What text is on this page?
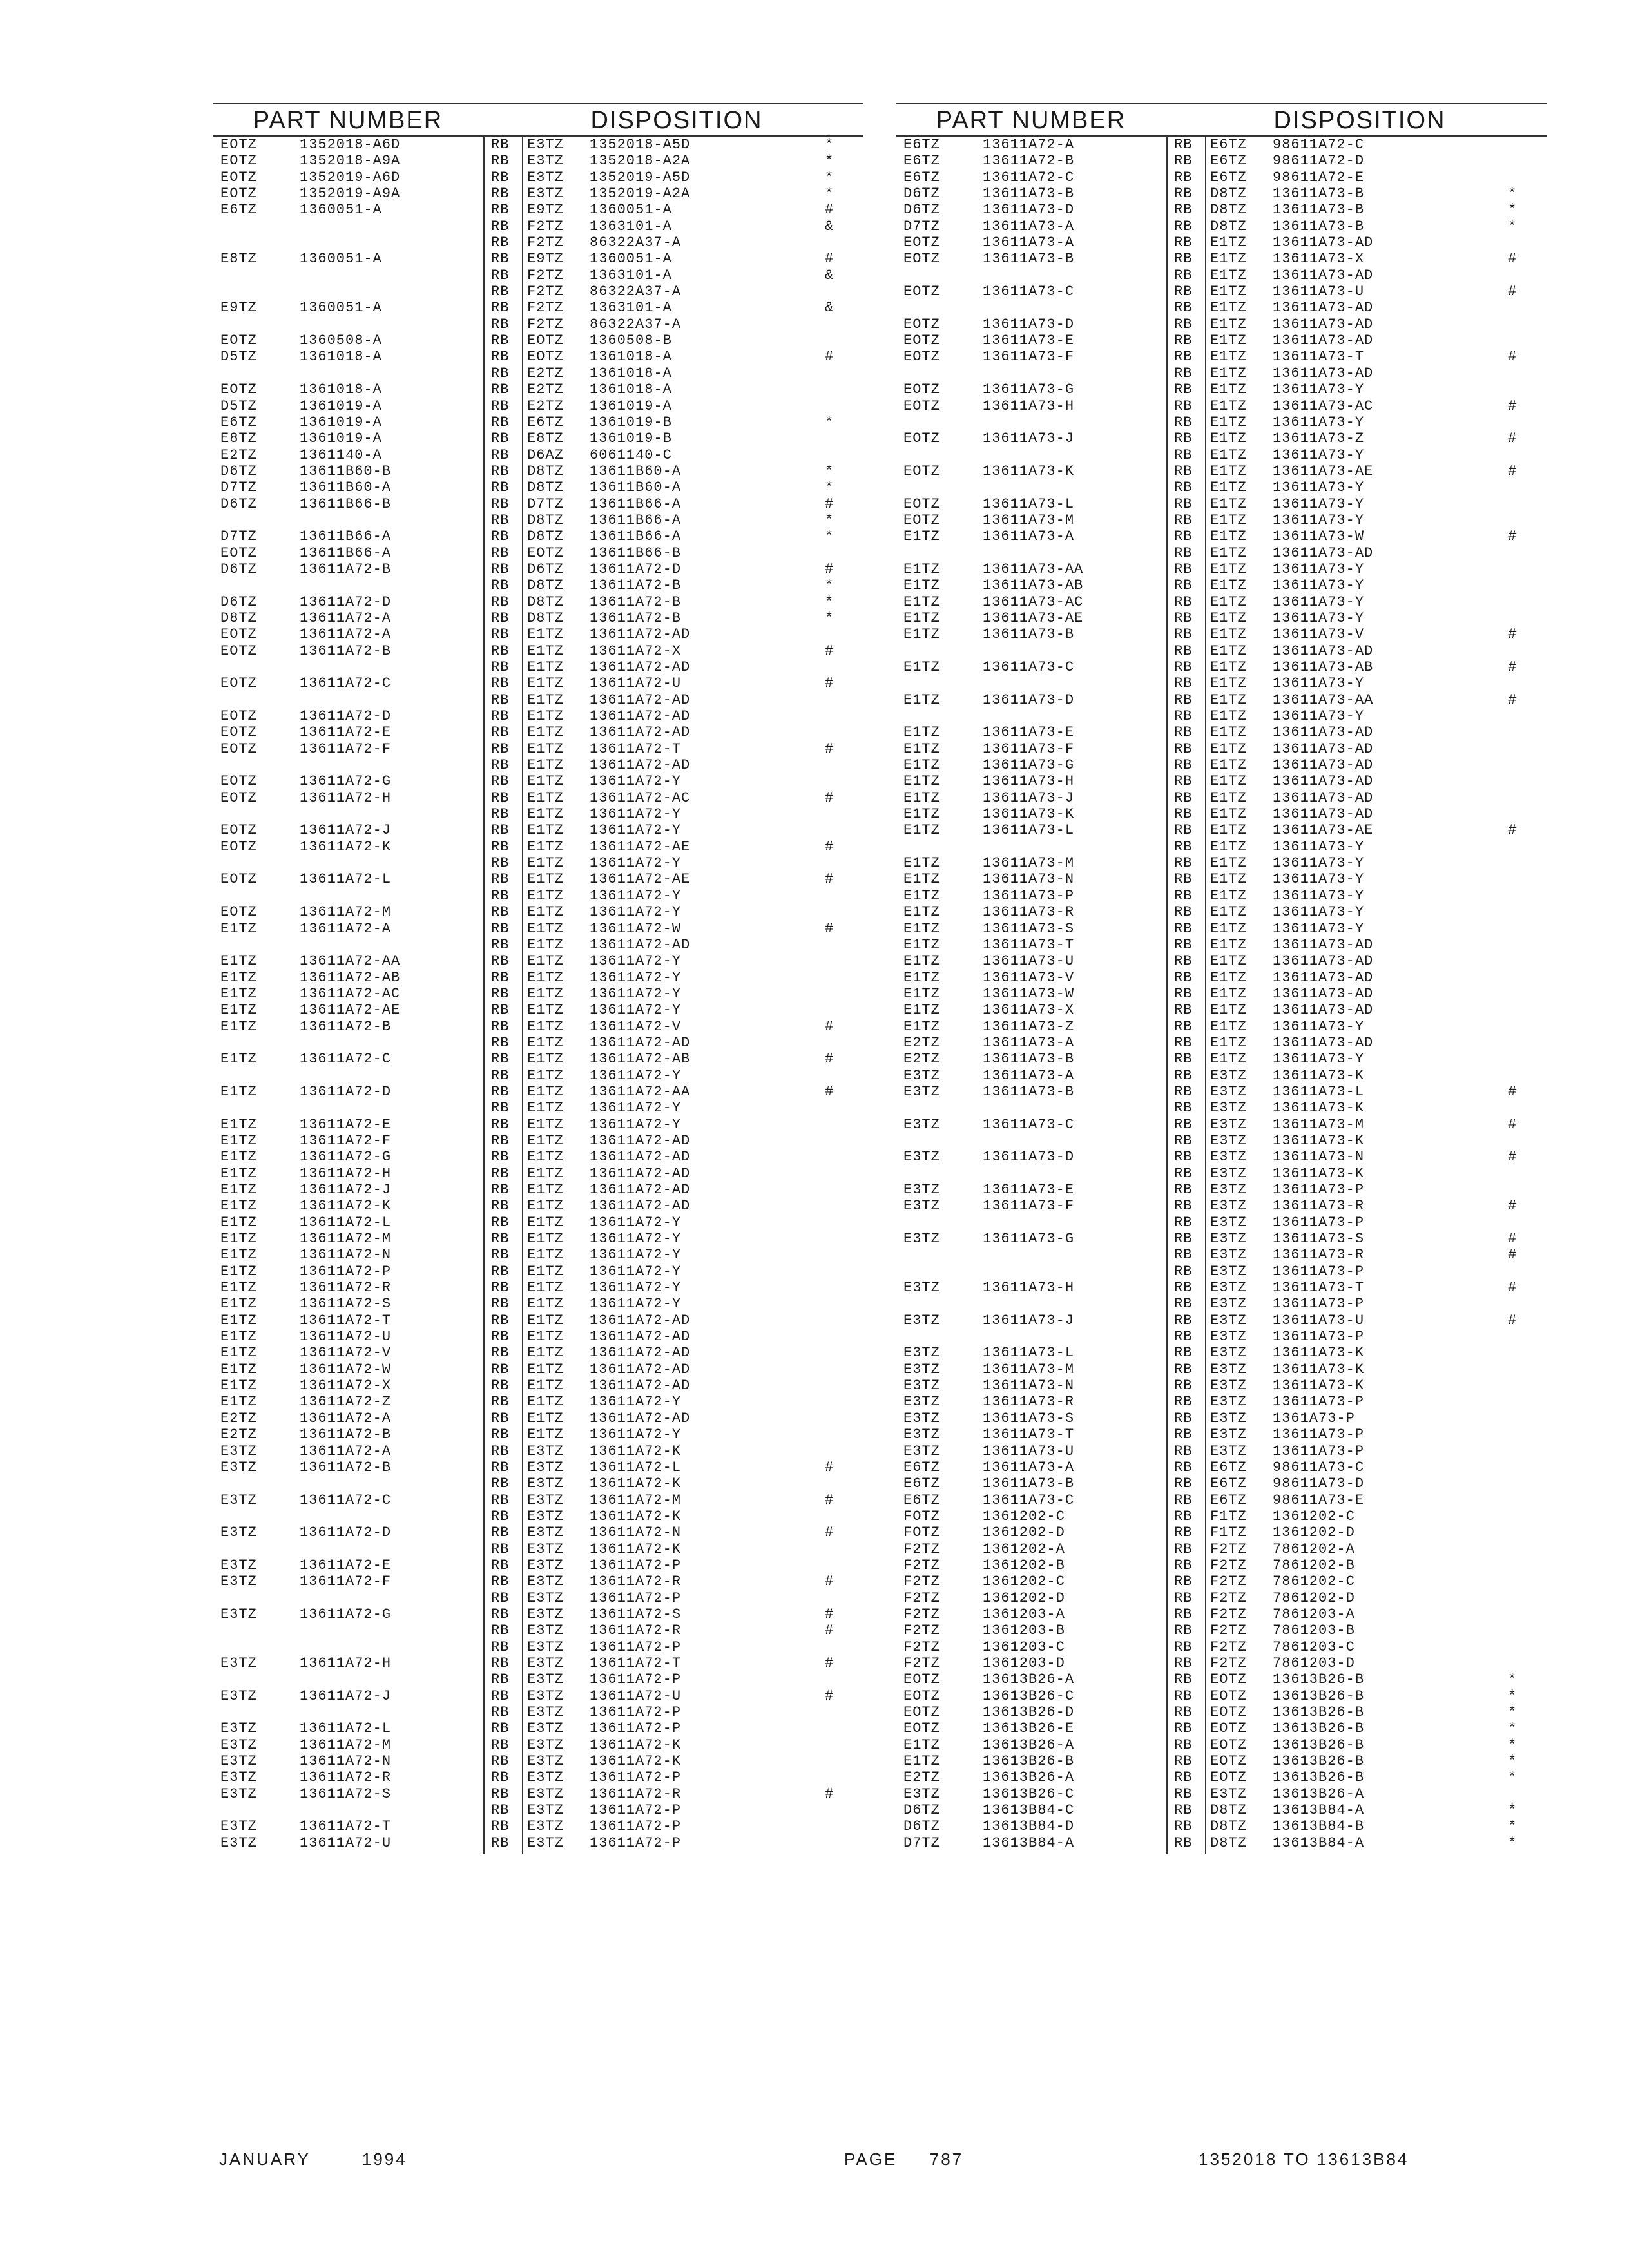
PART NUMBER	DISPOSITION
EOTZ	1352018-A6D	RB E3TZ 1352018-A5D	*
EOTZ	1352018-A9A	RB E3TZ 1352018-A2A	*
EOTZ	1352019-A6D	RB E3TZ 1352019-A5D	*
EOTZ	1352019-A9A	RB E3TZ 1352019-A2A	*
E6TZ	1360051-A	RB E9TZ 1360051-A	#
RB F2TZ 1363101-A	&
RB F2TZ 86322A37-A
E8TZ	1360051-A	RB E9TZ 1360051-A	#
RB F2TZ 1363101-A	&
RB F2TZ 86322A37-A
E9TZ	1360051-A	RB F2TZ 1363101-A	&
RB F2TZ 86322A37-A
EOTZ	1360508-A	RB EOTZ 1360508-B
D5TZ	1361018-A	RB EOTZ 1361018-A	#
RB E2TZ 1361018-A
EOTZ	1361018-A	RB E2TZ 1361018-A
D5TZ	1361019-A	RB E2TZ 1361019-A
E6TZ	1361019-A	RB E6TZ 1361019-B	*
E8TZ	1361019-A	RB E8TZ 1361019-B
E2TZ	1361140-A	RB D6AZ 6061140-C
D6TZ	13611B60-B	RB D8TZ 13611B60-A	*
D7TZ	13611B60-A	RB D8TZ 13611B60-A	*
D6TZ	13611B66-B	RB D7TZ 13611B66-A	#
RB D8TZ 13611B66-A	*
D7TZ	13611B66-A	RB D8TZ 13611B66-A	*
EOTZ	13611B66-A	RB EOTZ 13611B66-B
D6TZ	13611A72-B	RB D6TZ 13611A72-D	#
RB D8TZ 13611A72-B	*
D6TZ	13611A72-D	RB D8TZ 13611A72-B	*
D8TZ	13611A72-A	RB D8TZ 13611A72-B	*
EOTZ	13611A72-A	RB E1TZ 13611A72-AD
EOTZ	13611A72-B	RB E1TZ 13611A72-X	#
RB E1TZ 13611A72-AD
EOTZ	13611A72-C	RB E1TZ 13611A72-U	#
RB E1TZ 13611A72-AD
EOTZ	13611A72-D	RB E1TZ 13611A72-AD
EOTZ	13611A72-E	RB E1TZ 13611A72-AD
EOTZ	13611A72-F	RB E1TZ 13611A72-T	#
RB E1TZ 13611A72-AD
EOTZ	13611A72-G	RB E1TZ 13611A72-Y
EOTZ	13611A72-H	RB E1TZ 13611A72-AC	#
RB E1TZ 13611A72-Y
EOTZ	13611A72-J	RB E1TZ 13611A72-Y
EOTZ	13611A72-K	RB E1TZ 13611A72-AE	#
RB E1TZ 13611A72-Y
EOTZ	13611A72-L	RB E1TZ 13611A72-AE	#
RB E1TZ 13611A72-Y
EOTZ	13611A72-M	RB E1TZ 13611A72-Y
E1TZ	13611A72-A	RB E1TZ 13611A72-W	#
RB E1TZ 13611A72-AD
E1TZ	13611A72-AA	RB E1TZ 13611A72-Y
E1TZ	13611A72-AB	RB E1TZ 13611A72-Y
E1TZ	13611A72-AC	RB E1TZ 13611A72-Y
E1TZ	13611A72-AE	RB E1TZ 13611A72-Y
E1TZ	13611A72-B	RB E1TZ 13611A72-V	#
RB E1TZ 13611A72-AD
E1TZ	13611A72-C	RB E1TZ 13611A72-AB	#
RB E1TZ 13611A72-Y
E1TZ	13611A72-D	RB E1TZ 13611A72-AA	#
RB E1TZ 13611A72-Y
E1TZ	13611A72-E	RB E1TZ 13611A72-Y
E1TZ	13611A72-F	RB E1TZ 13611A72-AD
E1TZ	13611A72-G	RB E1TZ 13611A72-AD
E1TZ	13611A72-H	RB E1TZ 13611A72-AD
E1TZ	13611A72-J	RB E1TZ 13611A72-AD
E1TZ	13611A72-K	RB E1TZ 13611A72-AD
E1TZ	13611A72-L	RB E1TZ 13611A72-Y
E1TZ	13611A72-M	RB E1TZ 13611A72-Y
E1TZ	13611A72-N	RB E1TZ 13611A72-Y
E1TZ	13611A72-P	RB E1TZ 13611A72-Y
E1TZ	13611A72-R	RB E1TZ 13611A72-Y
E1TZ	13611A72-S	RB E1TZ 13611A72-Y
E1TZ	13611A72-T	RB E1TZ 13611A72-AD
E1TZ	13611A72-U	RB E1TZ 13611A72-AD
E1TZ	13611A72-V	RB E1TZ 13611A72-AD
E1TZ	13611A72-W	RB E1TZ 13611A72-AD
E1TZ	13611A72-X	RB E1TZ 13611A72-AD
E1TZ	13611A72-Z	RB E1TZ 13611A72-Y
E2TZ	13611A72-A	RB E1TZ 13611A72-AD
E2TZ	13611A72-B	RB E1TZ 13611A72-Y
E3TZ	13611A72-A	RB E3TZ 13611A72-K
E3TZ	13611A72-B	RB E3TZ 13611A72-L	#
RB E3TZ 13611A72-K
E3TZ	13611A72-C	RB E3TZ 13611A72-M	#
RB E3TZ 13611A72-K
E3TZ	13611A72-D	RB E3TZ 13611A72-N	#
RB E3TZ 13611A72-K
E3TZ	13611A72-E	RB E3TZ 13611A72-P
E3TZ	13611A72-F	RB E3TZ 13611A72-R	#
RB E3TZ 13611A72-P
E3TZ	13611A72-G	RB E3TZ 13611A72-S	#
RB E3TZ 13611A72-R	#
RB E3TZ 13611A72-P
E3TZ	13611A72-H	RB E3TZ 13611A72-T	#
RB E3TZ 13611A72-P
E3TZ	13611A72-J	RB E3TZ 13611A72-U	#
RB E3TZ 13611A72-P
E3TZ	13611A72-L	RB E3TZ 13611A72-P
E3TZ	13611A72-M	RB E3TZ 13611A72-K
E3TZ	13611A72-N	RB E3TZ 13611A72-K
E3TZ	13611A72-R	RB E3TZ 13611A72-P
E3TZ	13611A72-S	RB E3TZ 13611A72-R	#
RB E3TZ 13611A72-P
E3TZ	13611A72-T	RB E3TZ 13611A72-P
E3TZ	13611A72-U	RB E3TZ 13611A72-P
PART NUMBER	DISPOSITION
E6TZ	13611A72-A	RB E6TZ 98611A72-C
E6TZ	13611A72-B	RB E6TZ 98611A72-D
E6TZ	13611A72-C	RB E6TZ 98611A72-E
D6TZ	13611A73-B	RB D8TZ 13611A73-B	*
D6TZ	13611A73-D	RB D8TZ 13611A73-B	*
D7TZ	13611A73-A	RB D8TZ 13611A73-B	*
EOTZ	13611A73-A	RB E1TZ 13611A73-AD
EOTZ	13611A73-B	RB E1TZ 13611A73-X	#
RB E1TZ 13611A73-AD
EOTZ	13611A73-C	RB E1TZ 13611A73-U	#
RB E1TZ 13611A73-AD
EOTZ	13611A73-D	RB E1TZ 13611A73-AD
EOTZ	13611A73-E	RB E1TZ 13611A73-AD
EOTZ	13611A73-F	RB E1TZ 13611A73-T	#
RB E1TZ 13611A73-AD
EOTZ	13611A73-G	RB E1TZ 13611A73-Y
EOTZ	13611A73-H	RB E1TZ 13611A73-AC	#
RB E1TZ 13611A73-Y
EOTZ	13611A73-J	RB E1TZ 13611A73-Z	#
RB E1TZ 13611A73-Y
EOTZ	13611A73-K	RB E1TZ 13611A73-AE	#
RB E1TZ 13611A73-Y
EOTZ	13611A73-L	RB E1TZ 13611A73-Y
EOTZ	13611A73-M	RB E1TZ 13611A73-Y
E1TZ	13611A73-A	RB E1TZ 13611A73-W	#
RB E1TZ 13611A73-AD
E1TZ	13611A73-AA	RB E1TZ 13611A73-Y
E1TZ	13611A73-AB	RB E1TZ 13611A73-Y
E1TZ	13611A73-AC	RB E1TZ 13611A73-Y
E1TZ	13611A73-AE	RB E1TZ 13611A73-Y
E1TZ	13611A73-B	RB E1TZ 13611A73-V	#
RB E1TZ 13611A73-AD
E1TZ	13611A73-C	RB E1TZ 13611A73-AB	#
RB E1TZ 13611A73-Y
E1TZ	13611A73-D	RB E1TZ 13611A73-AA	#
RB E1TZ 13611A73-Y
E1TZ	13611A73-E	RB E1TZ 13611A73-AD
E1TZ	13611A73-F	RB E1TZ 13611A73-AD
E1TZ	13611A73-G	RB E1TZ 13611A73-AD
E1TZ	13611A73-H	RB E1TZ 13611A73-AD
E1TZ	13611A73-J	RB E1TZ 13611A73-AD
E1TZ	13611A73-K	RB E1TZ 13611A73-AD
E1TZ	13611A73-L	RB E1TZ 13611A73-AE	#
RB E1TZ 13611A73-Y
E1TZ	13611A73-M	RB E1TZ 13611A73-Y
E1TZ	13611A73-N	RB E1TZ 13611A73-Y
E1TZ	13611A73-P	RB E1TZ 13611A73-Y
E1TZ	13611A73-R	RB E1TZ 13611A73-Y
E1TZ	13611A73-S	RB E1TZ 13611A73-Y
E1TZ	13611A73-T	RB E1TZ 13611A73-AD
E1TZ	13611A73-U	RB E1TZ 13611A73-AD
E1TZ	13611A73-V	RB E1TZ 13611A73-AD
E1TZ	13611A73-W	RB E1TZ 13611A73-AD
E1TZ	13611A73-X	RB E1TZ 13611A73-AD
E1TZ	13611A73-Z	RB E1TZ 13611A73-Y
E2TZ	13611A73-A	RB E1TZ 13611A73-AD
E2TZ	13611A73-B	RB E1TZ 13611A73-Y
E3TZ	13611A73-A	RB E3TZ 13611A73-K
E3TZ	13611A73-B	RB E3TZ 13611A73-L	#
RB E3TZ 13611A73-K
E3TZ	13611A73-C	RB E3TZ 13611A73-M	#
RB E3TZ 13611A73-K
E3TZ	13611A73-D	RB E3TZ 13611A73-N	#
RB E3TZ 13611A73-K
E3TZ	13611A73-E	RB E3TZ 13611A73-P
E3TZ	13611A73-F	RB E3TZ 13611A73-R	#
RB E3TZ 13611A73-P
E3TZ	13611A73-G	RB E3TZ 13611A73-S	#
RB E3TZ 13611A73-R	#
RB E3TZ 13611A73-P
E3TZ	13611A73-H	RB E3TZ 13611A73-T	#
RB E3TZ 13611A73-P
E3TZ	13611A73-J	RB E3TZ 13611A73-U	#
RB E3TZ 13611A73-P
E3TZ	13611A73-L	RB E3TZ 13611A73-K
E3TZ	13611A73-M	RB E3TZ 13611A73-K
E3TZ	13611A73-N	RB E3TZ 13611A73-K
E3TZ	13611A73-R	RB E3TZ 13611A73-P
E3TZ	13611A73-S	RB E3TZ 1361A73-P
E3TZ	13611A73-T	RB E3TZ 13611A73-P
E3TZ	13611A73-U	RB E3TZ 13611A73-P
E6TZ	13611A73-A	RB E6TZ 98611A73-C
E6TZ	13611A73-B	RB E6TZ 98611A73-D
E6TZ	13611A73-C	RB E6TZ 98611A73-E
FOTZ	1361202-C	RB F1TZ 1361202-C
FOTZ	1361202-D	RB F1TZ 1361202-D
F2TZ	1361202-A	RB F2TZ 7861202-A
F2TZ	1361202-B	RB F2TZ 7861202-B
F2TZ	1361202-C	RB F2TZ 7861202-C
F2TZ	1361202-D	RB F2TZ 7861202-D
F2TZ	1361203-A	RB F2TZ 7861203-A
F2TZ	1361203-B	RB F2TZ 7861203-B
F2TZ	1361203-C	RB F2TZ 7861203-C
F2TZ	1361203-D	RB F2TZ 7861203-D
EOTZ	13613B26-A	RB EOTZ 13613B26-B	*
EOTZ	13613B26-C	RB EOTZ 13613B26-B	*
EOTZ	13613B26-D	RB EOTZ 13613B26-B	*
EOTZ	13613B26-E	RB EOTZ 13613B26-B	*
E1TZ	13613B26-A	RB EOTZ 13613B26-B	*
E1TZ	13613B26-B	RB EOTZ 13613B26-B	*
E2TZ	13613B26-A	RB EOTZ 13613B26-B	*
E3TZ	13613B26-C	RB E3TZ 13613B26-A
D6TZ	13613B84-C	RB D8TZ 13613B84-A	*
D6TZ	13613B84-D	RB D8TZ 13613B84-B	*
D7TZ	13613B84-A	RB D8TZ 13613B84-A	*
JANUARY	1994	PAGE 787	1352018 TO 13613B84
